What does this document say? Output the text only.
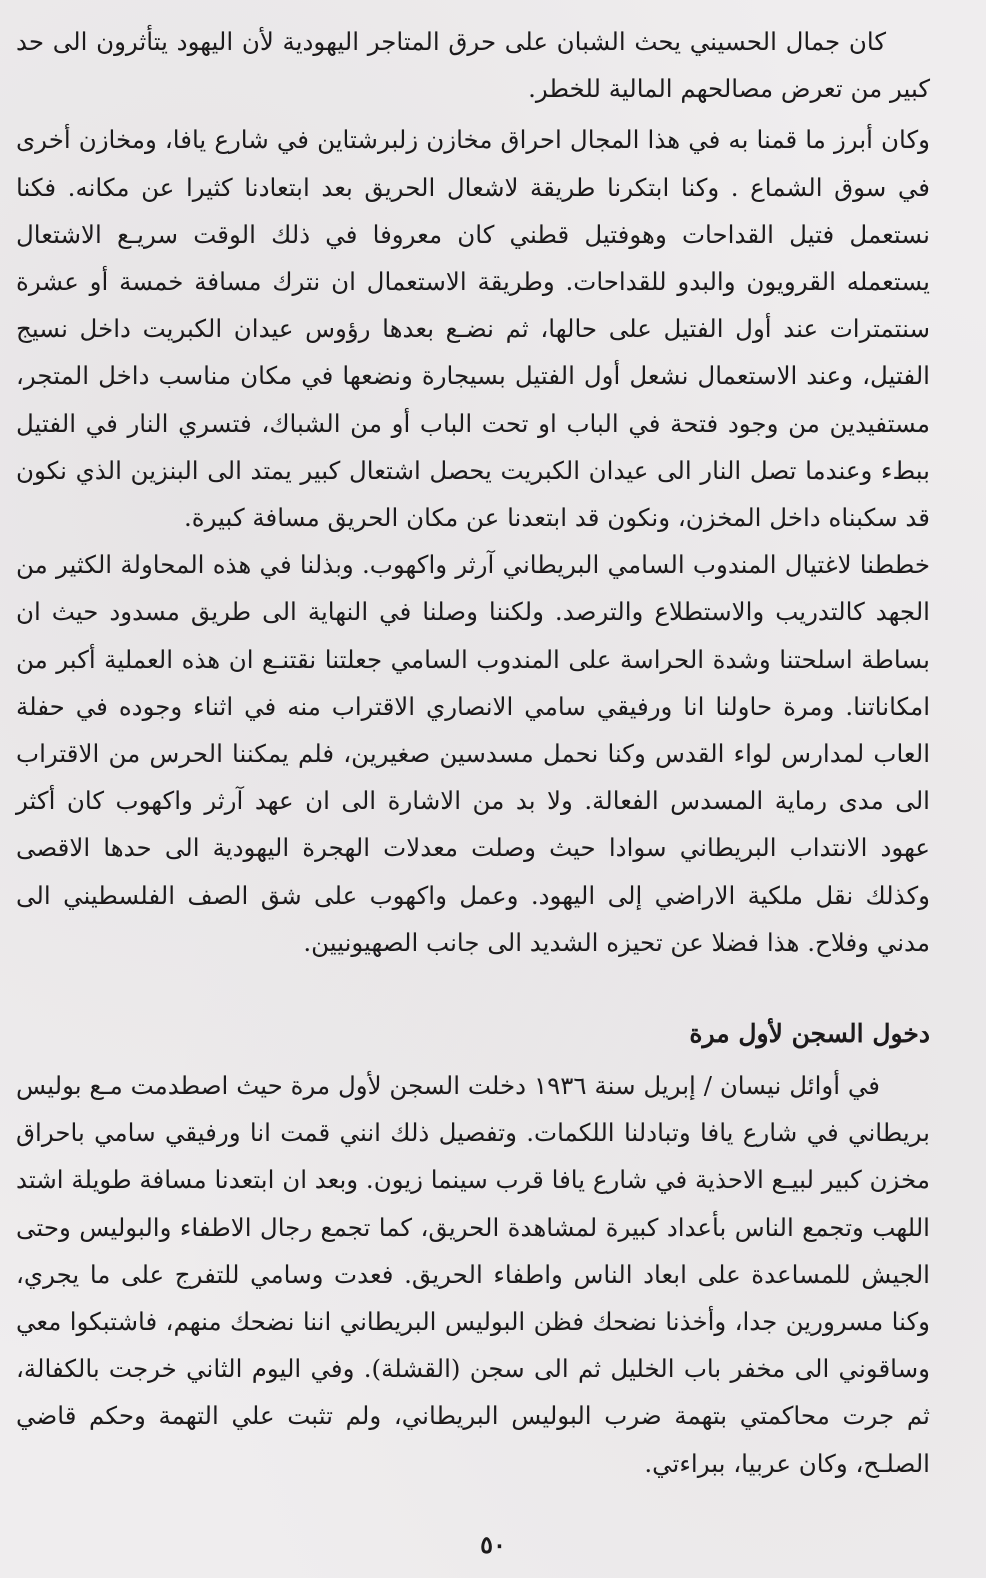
كان جمال الحسيني يحث الشبان على حرق المتاجر اليهودية لأن اليهود يتأثرون الى حد كبير من تعرض مصالحهم المالية للخطر.

وكان أبرز ما قمنا به في هذا المجال احراق مخازن زلبرشتاين في شارع يافا، ومخازن أخرى في سوق الشماع . وكنا ابتكرنا طريقة لاشعال الحريق بعد ابتعادنا كثيرا عن مكانه. فكنا نستعمل فتيل القداحات وهوفتيل قطني كان معروفا في ذلك الوقت سريـع الاشتعال يستعمله القرويون والبدو للقداحات. وطريقة الاستعمال ان نترك مسافة خمسة أو عشرة سنتمترات عند أول الفتيل على حالها، ثم نضـع بعدها رؤوس عيدان الكبريت داخل نسيج الفتيل، وعند الاستعمال نشعل أول الفتيل بسيجارة ونضعها في مكان مناسب داخل المتجر، مستفيدين من وجود فتحة في الباب او تحت الباب أو من الشباك، فتسري النار في الفتيل ببطء وعندما تصل النار الى عيدان الكبريت يحصل اشتعال كبير يمتد الى البنزين الذي نكون قد سكبناه داخل المخزن، ونكون قد ابتعدنا عن مكان الحريق مسافة كبيرة.

خططنا لاغتيال المندوب السامي البريطاني آرثر واكهوب. وبذلنا في هذه المحاولة الكثير من الجهد كالتدريب والاستطلاع والترصد. ولكننا وصلنا في النهاية الى طريق مسدود حيث ان بساطة اسلحتنا وشدة الحراسة على المندوب السامي جعلتنا نقتنـع ان هذه العملية أكبر من امكاناتنا. ومرة حاولنا انا ورفيقي سامي الانصاري الاقتراب منه في اثناء وجوده في حفلة العاب لمدارس لواء القدس وكنا نحمل مسدسين صغيرين، فلم يمكننا الحرس من الاقتراب الى مدى رماية المسدس الفعالة. ولا بد من الاشارة الى ان عهد آرثر واكهوب كان أكثر عهود الانتداب البريطاني سوادا حيث وصلت معدلات الهجرة اليهودية الى حدها الاقصى وكذلك نقل ملكية الاراضي إلى اليهود. وعمل واكهوب على شق الصف الفلسطيني الى مدني وفلاح. هذا فضلا عن تحيزه الشديد الى جانب الصهيونيين.

دخول السجن لأول مرة

في أوائل نيسان / إبريل سنة ١٩٣٦ دخلت السجن لأول مرة حيث اصطدمت مـع بوليس بريطاني في شارع يافا وتبادلنا اللكمات. وتفصيل ذلك انني قمت انا ورفيقي سامي باحراق مخزن كبير لبيـع الاحذية في شارع يافا قرب سينما زيون. وبعد ان ابتعدنا مسافة طويلة اشتد اللهب وتجمع الناس بأعداد كبيرة لمشاهدة الحريق، كما تجمع رجال الاطفاء والبوليس وحتى الجيش للمساعدة على ابعاد الناس واطفاء الحريق. فعدت وسامي للتفرج على ما يجري، وكنا مسرورين جدا، وأخذنا نضحك فظن البوليس البريطاني اننا نضحك منهم، فاشتبكوا معي وساقوني الى مخفر باب الخليل ثم الى سجن (القشلة). وفي اليوم الثاني خرجت بالكفالة، ثم جرت محاكمتي بتهمة ضرب البوليس البريطاني، ولم تثبت علي التهمة وحكم قاضي الصلـح، وكان عربيا، ببراءتي.

٥٠
